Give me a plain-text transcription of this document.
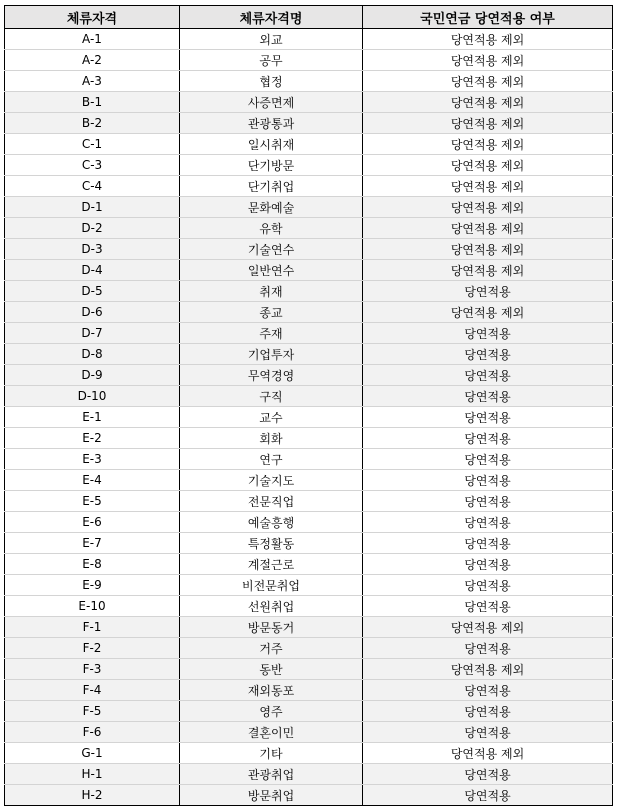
체류자격	체류자격명	국민연금 당연적용 여부
A-1	외교	당연적용 제외
A-2	공무	당연적용 제외
A-3	협정	당연적용 제외
B-1	사증면제	당연적용 제외
B-2	관광통과	당연적용 제외
C-1	일시취재	당연적용 제외
C-3	단기방문	당연적용 제외
C-4	단기취업	당연적용 제외
D-1	문화예술	당연적용 제외
D-2	유학	당연적용 제외
D-3	기술연수	당연적용 제외
D-4	일반연수	당연적용 제외
D-5	취재	당연적용
D-6	종교	당연적용 제외
D-7	주재	당연적용
D-8	기업투자	당연적용
D-9	무역경영	당연적용
D-10	구직	당연적용
E-1	교수	당연적용
E-2	회화	당연적용
E-3	연구	당연적용
E-4	기술지도	당연적용
E-5	전문직업	당연적용
E-6	예술흥행	당연적용
E-7	특정활동	당연적용
E-8	계절근로	당연적용
E-9	비전문취업	당연적용
E-10	선원취업	당연적용
F-1	방문동거	당연적용 제외
F-2	거주	당연적용
F-3	동반	당연적용 제외
F-4	재외동포	당연적용
F-5	영주	당연적용
F-6	결혼이민	당연적용
G-1	기타	당연적용 제외
H-1	관광취업	당연적용
H-2	방문취업	당연적용
